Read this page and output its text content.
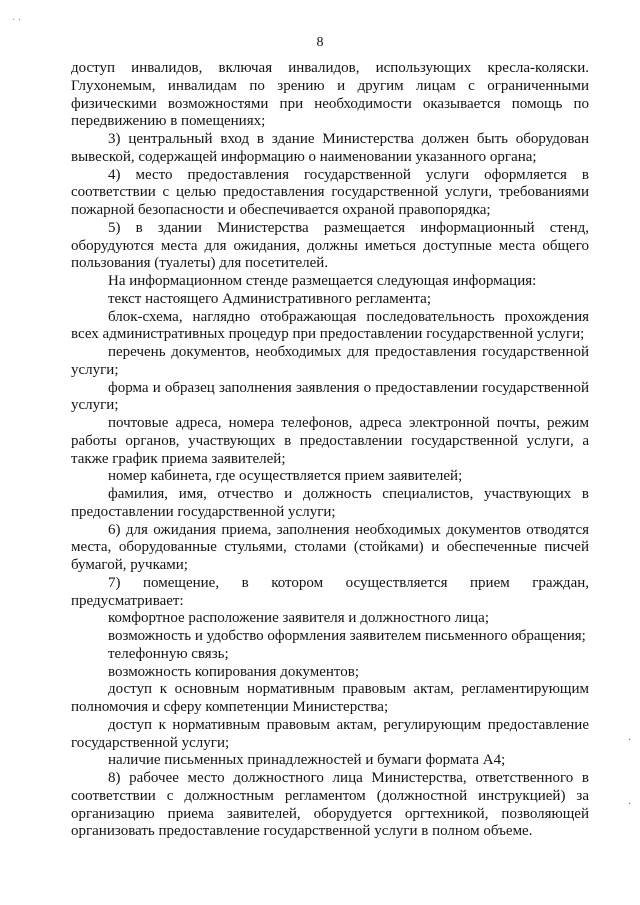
· ·
·
·
8

доступ инвалидов, включая инвалидов, использующих кресла-коляски. Глухонемым, инвалидам по зрению и другим лицам с ограниченными физическими возможностями при необходимости оказывается помощь по передвижению в помещениях;

3) центральный вход в здание Министерства должен быть оборудован вывеской, содержащей информацию о наименовании указанного органа;

4) место предоставления государственной услуги оформляется в соответствии с целью предоставления государственной услуги, требованиями пожарной безопасности и обеспечивается охраной правопорядка;

5) в здании Министерства размещается информационный стенд, оборудуются места для ожидания, должны иметься доступные места общего пользования (туалеты) для посетителей.

На информационном стенде размещается следующая информация:

текст настоящего Административного регламента;

блок-схема, наглядно отображающая последовательность прохождения всех административных процедур при предоставлении государственной услуги;

перечень документов, необходимых для предоставления государственной услуги;

форма и образец заполнения заявления о предоставлении государственной услуги;

почтовые адреса, номера телефонов, адреса электронной почты, режим работы органов, участвующих в предоставлении государственной услуги, а также график приема заявителей;

номер кабинета, где осуществляется прием заявителей;

фамилия, имя, отчество и должность специалистов, участвующих в предоставлении государственной услуги;

6) для ожидания приема, заполнения необходимых документов отводятся места, оборудованные стульями, столами (стойками) и обеспеченные писчей бумагой, ручками;

7) помещение, в котором осуществляется прием граждан, предусматривает:

комфортное расположение заявителя и должностного лица;

возможность и удобство оформления заявителем письменного обращения;

телефонную связь;

возможность копирования документов;

доступ к основным нормативным правовым актам, регламентирующим полномочия и сферу компетенции Министерства;

доступ к нормативным правовым актам, регулирующим предоставление государственной услуги;

наличие письменных принадлежностей и бумаги формата А4;

8) рабочее место должностного лица Министерства, ответственного в соответствии с должностным регламентом (должностной инструкцией) за организацию приема заявителей, оборудуется оргтехникой, позволяющей организовать предоставление государственной услуги в полном объеме.
